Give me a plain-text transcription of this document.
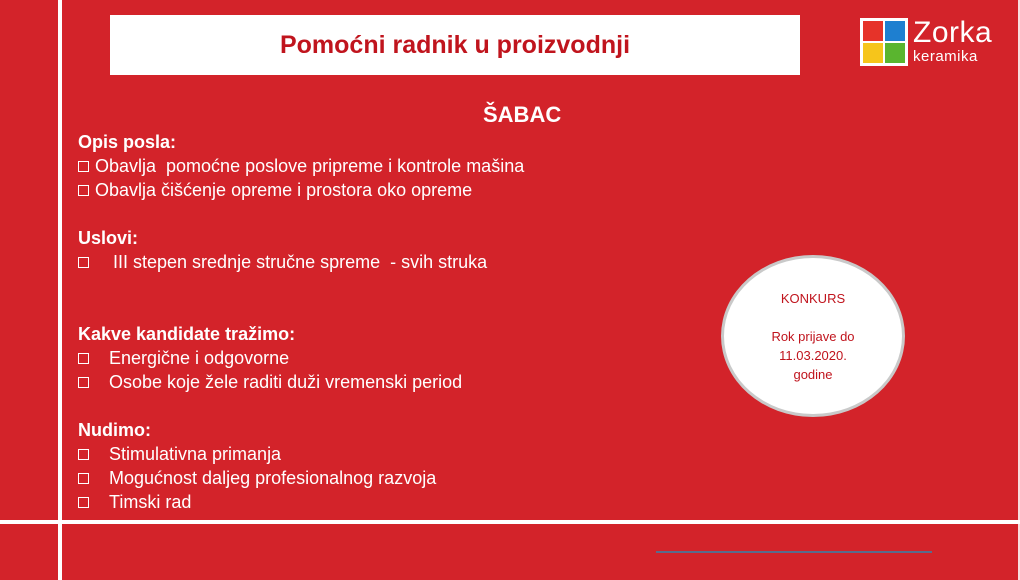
Pomoćni radnik u proizvodnji	Zorka
keramika
ŠABAC
Opis posla:
Obavlja  pomoćne poslove pripreme i kontrole mašina
Obavlja čišćenje opreme i prostora oko opreme
Uslovi:
III stepen srednje stručne spreme  - svih struka
Kakve kandidate tražimo:
Energične i odgovorne
Osobe koje žele raditi duži vremenski period
Nudimo:
Stimulativna primanja
Mogućnost daljeg profesionalnog razvoja
Timski rad
KONKURS
Rok prijave do
11.03.2020.
godine
